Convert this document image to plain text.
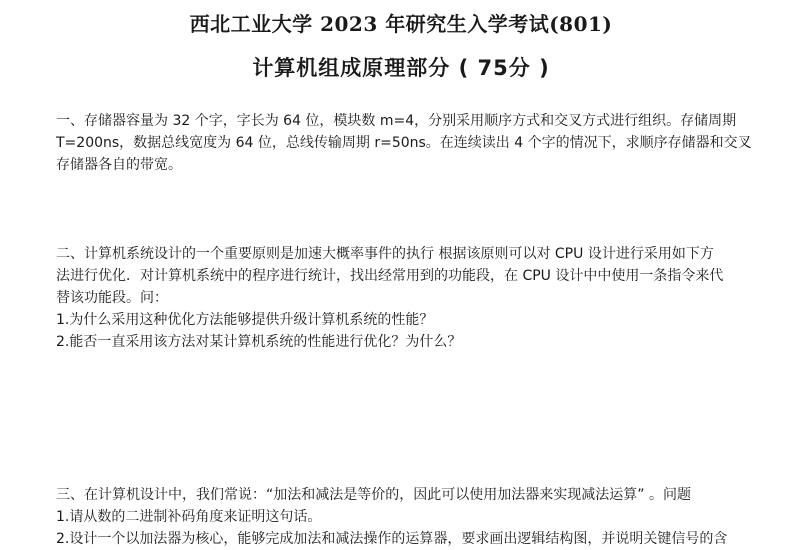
西北工业大学 2023 年研究生入学考试(801)
计算机组成原理部分 ( 75分 )
一、存储器容量为 32 个字，字长为 64 位，模块数 m=4，分别采用顺序方式和交叉方式进行组织。存储周期
T=200ns，数据总线宽度为 64 位，总线传输周期 r=50ns。在连续读出 4 个字的情况下，求顺序存储器和交叉
存储器各自的带宽。
二、计算机系统设计的一个重要原则是加速大概率事件的执行 根据该原则可以对 CPU 设计进行采用如下方
法进行优化．对计算机系统中的程序进行统计，找出经常用到的功能段，在 CPU 设计中中使用一条指令来代
替该功能段。问：
1.为什么采用这种优化方法能够提供升级计算机系统的性能？
2.能否一直采用该方法对某计算机系统的性能进行优化？为什么？
三、在计算机设计中，我们常说：“加法和减法是等价的，因此可以使用加法器来实现减法运算” 。问题
1.请从数的二进制补码角度来证明这句话。
2.设计一个以加法器为核心，能够完成加法和减法操作的运算器，要求画出逻辑结构图，并说明关键信号的含
